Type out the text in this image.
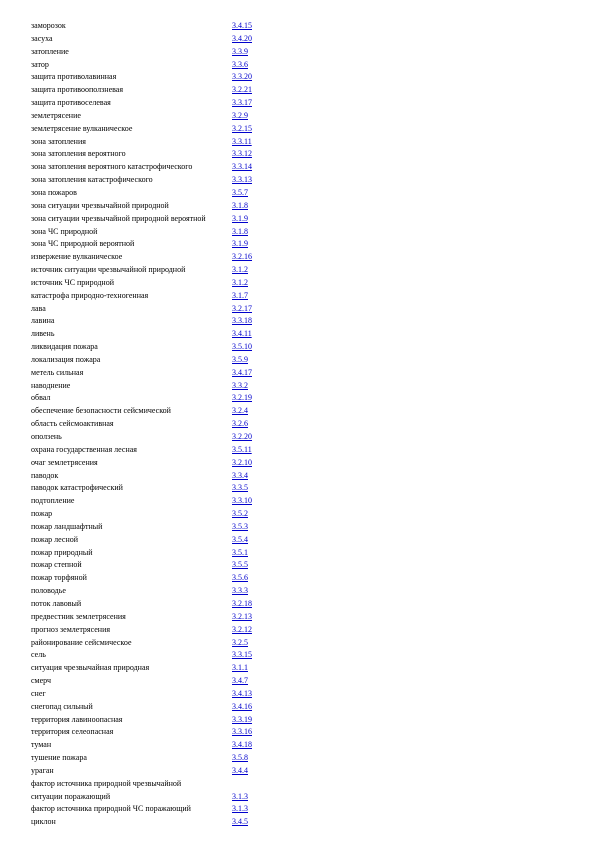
заморозок	3.4.15
засуха	3.4.20
затопление	3.3.9
затор	3.3.6
защита противолавинная	3.3.20
защита противооползневая	3.2.21
защита противоселевая	3.3.17
землетрясение	3.2.9
землетрясение вулканическое	3.2.15
зона затопления	3.3.11
зона затопления вероятного	3.3.12
зона затопления вероятного катастрофического	3.3.14
зона затопления катастрофического	3.3.13
зона пожаров	3.5.7
зона ситуации чрезвычайной природной	3.1.8
зона ситуации чрезвычайной природной вероятной	3.1.9
зона ЧС природной	3.1.8
зона ЧС природной вероятной	3.1.9
извержение вулканическое	3.2.16
источник ситуации чрезвычайной природной	3.1.2
источник ЧС природной	3.1.2
катастрофа природно-техногенная	3.1.7
лава	3.2.17
лавина	3.3.18
ливень	3.4.11
ликвидация пожара	3.5.10
локализация пожара	3.5.9
метель сильная	3.4.17
наводнение	3.3.2
обвал	3.2.19
обеспечение безопасности сейсмической	3.2.4
область сейсмоактивная	3.2.6
оползень	3.2.20
охрана государственная лесная	3.5.11
очаг землетрясения	3.2.10
паводок	3.3.4
паводок катастрофический	3.3.5
подтопление	3.3.10
пожар	3.5.2
пожар ландшафтный	3.5.3
пожар лесной	3.5.4
пожар природный	3.5.1
пожар степной	3.5.5
пожар торфяной	3.5.6
половодье	3.3.3
поток лавовый	3.2.18
предвестник землетрясения	3.2.13
прогноз землетрясения	3.2.12
районирование сейсмическое	3.2.5
сель	3.3.15
ситуация чрезвычайная природная	3.1.1
смерч	3.4.7
снег	3.4.13
снегопад сильный	3.4.16
территория лавиноопасная	3.3.19
территория селеопасная	3.3.16
туман	3.4.18
тушение пожара	3.5.8
ураган	3.4.4
фактор источника природной чрезвычайной
ситуации поражающий	3.1.3
фактор источника природной ЧС поражающий	3.1.3
циклон	3.4.5
